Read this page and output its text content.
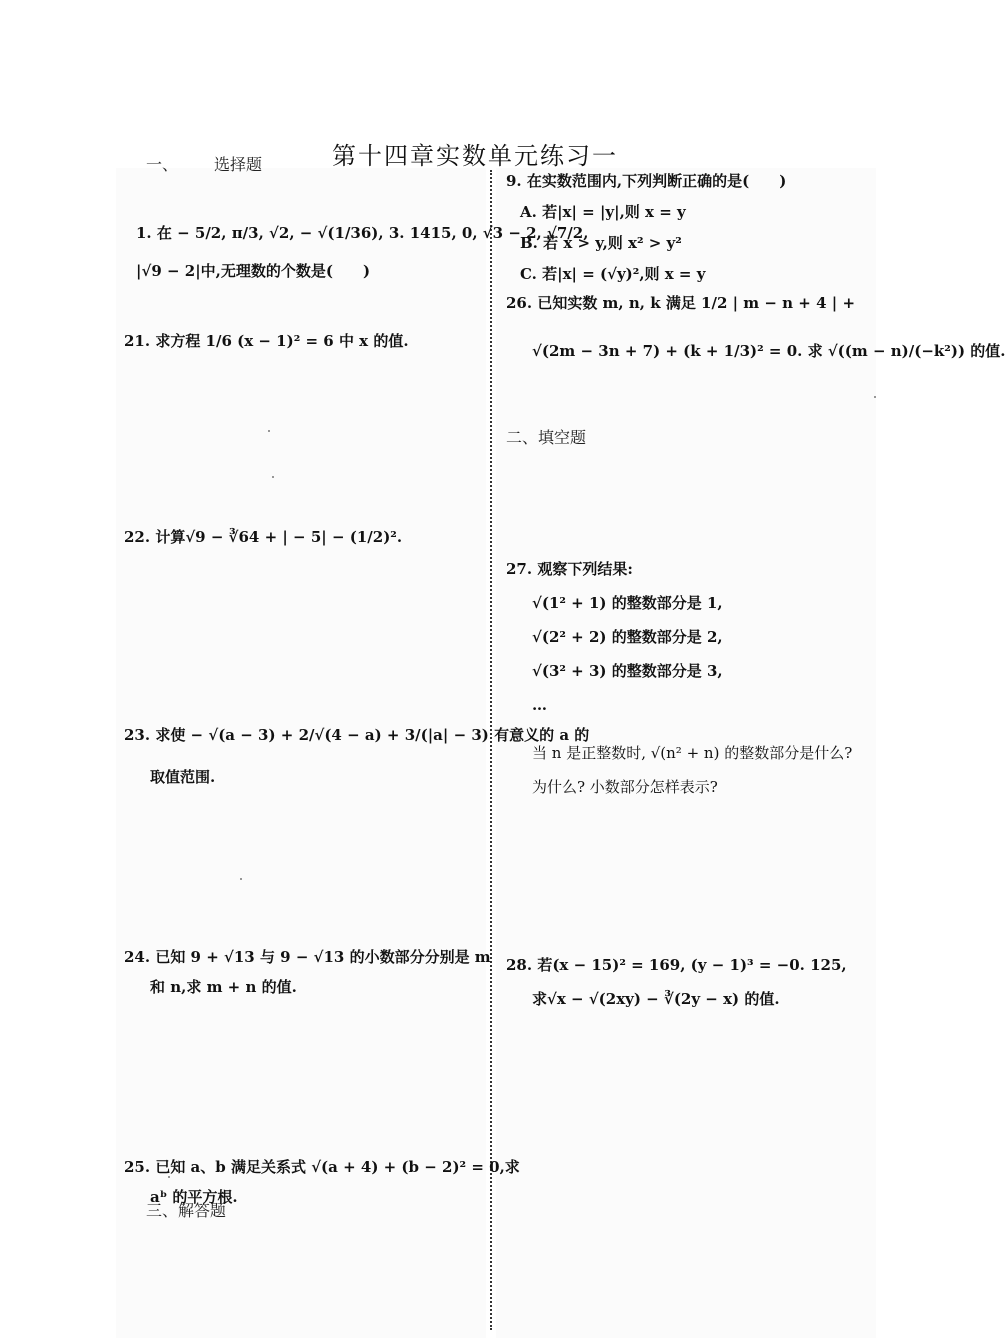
第十四章实数单元练习一
一、 选择题
1. 在 − 5/2, π/3, √2, − √(1/36), 3. 1415, 0, √3 − 2, √7/2,
|√9 − 2|中,无理数的个数是(　　)
21. 求方程 1/6 (x − 1)² = 6 中 x 的值.
22. 计算√9 − ∛64 + | − 5| − (1/2)².
23. 求使 − √(a − 3) + 2/√(4 − a) + 3/(|a| − 3) 有意义的 a 的
取值范围.
24. 已知 9 + √13 与 9 − √13 的小数部分分别是 m
和 n,求 m + n 的值.
25. 已知 a、b 满足关系式 √(a + 4) + (b − 2)² = 0,求
aᵇ 的平方根.
三、解答题
9. 在实数范围内,下列判断正确的是(　　)
A. 若|x| = |y|,则 x = y
B. 若 x > y,则 x² > y²
C. 若|x| = (√y)²,则 x = y
26. 已知实数 m, n, k 满足 1/2 | m − n + 4 | +
√(2m − 3n + 7) + (k + 1/3)² = 0. 求 √((m − n)/(−k²)) 的值.
二、填空题
27. 观察下列结果:
√(1² + 1) 的整数部分是 1,
√(2² + 2) 的整数部分是 2,
√(3² + 3) 的整数部分是 3,
…
当 n 是正整数时, √(n² + n) 的整数部分是什么?
为什么? 小数部分怎样表示?
28. 若(x − 15)² = 169, (y − 1)³ = −0. 125,
求√x − √(2xy) − ∛(2y − x) 的值.
